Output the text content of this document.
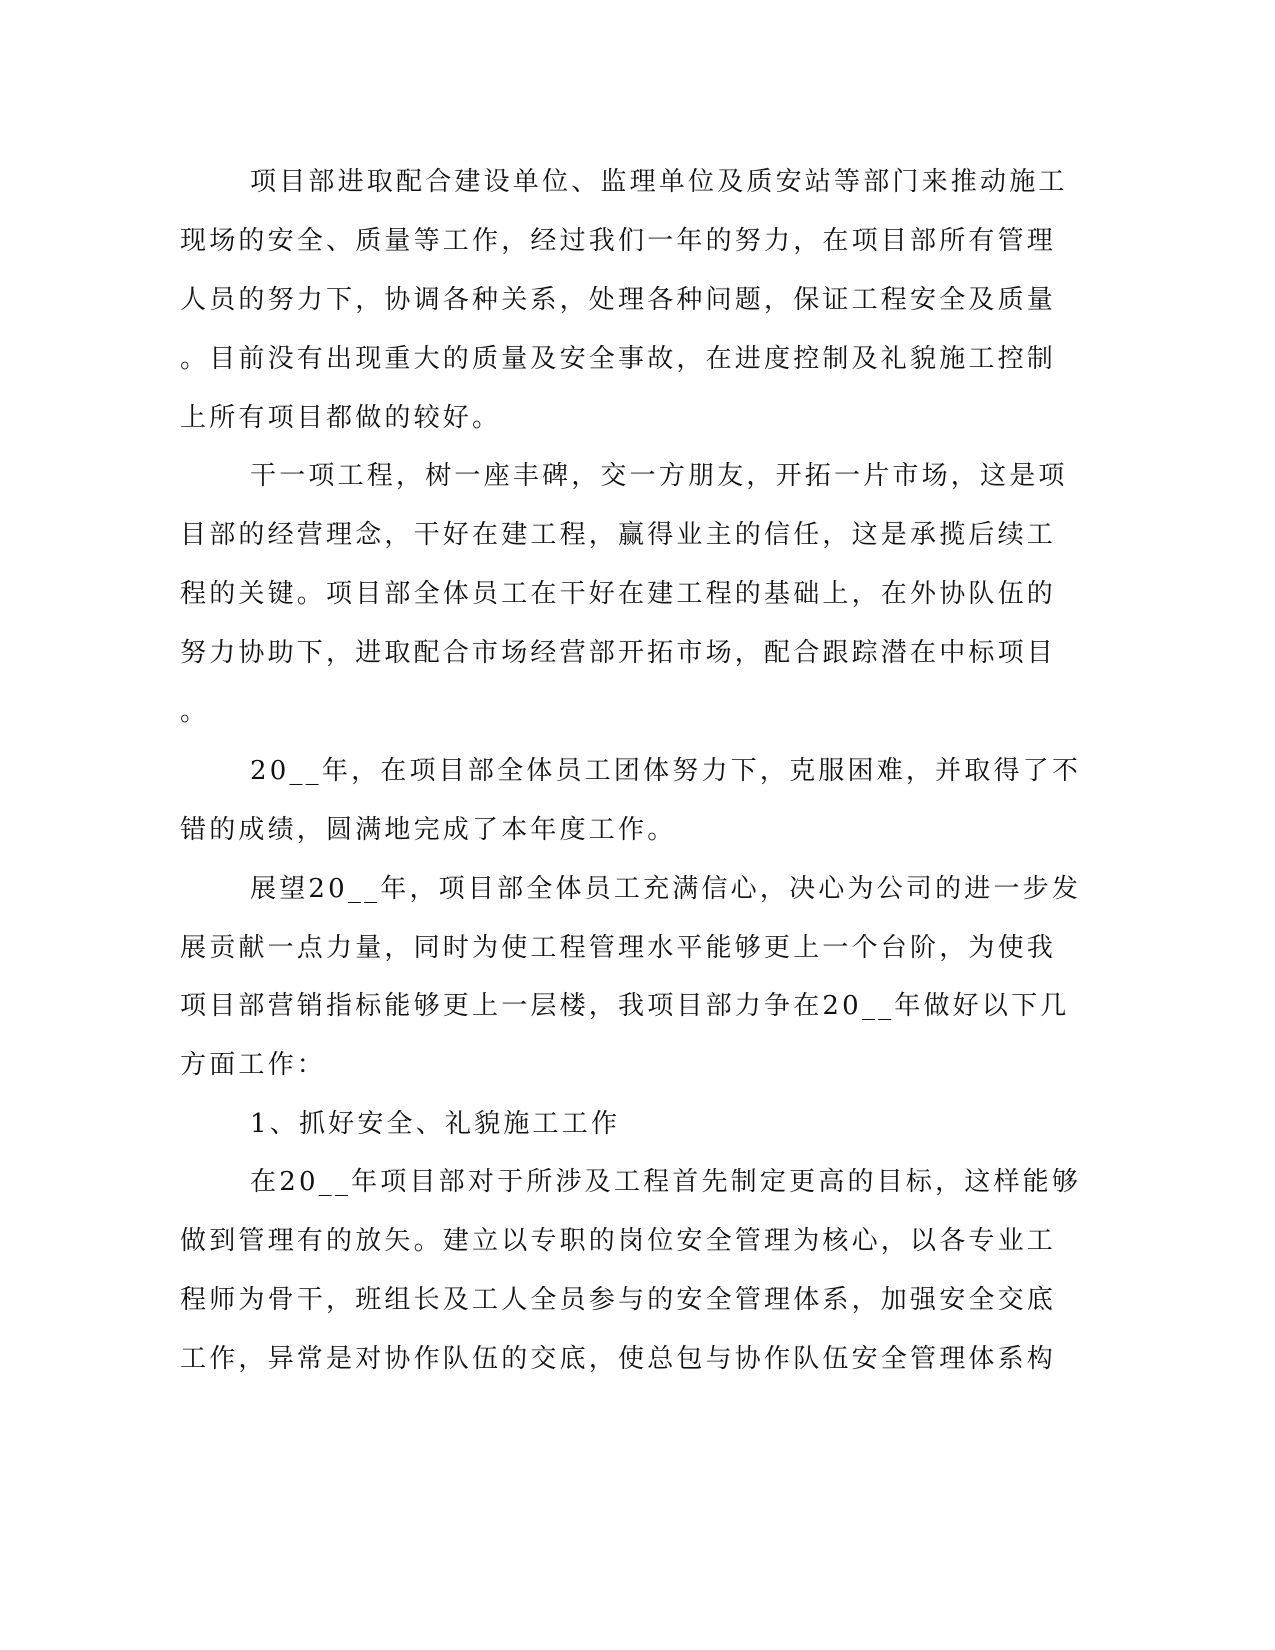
项目部进取配合建设单位、监理单位及质安站等部门来推动施工
现场的安全、质量等工作，经过我们一年的努力，在项目部所有管理
人员的努力下，协调各种关系，处理各种问题，保证工程安全及质量
。目前没有出现重大的质量及安全事故，在进度控制及礼貌施工控制
上所有项目都做的较好。
干一项工程，树一座丰碑，交一方朋友，开拓一片市场，这是项
目部的经营理念，干好在建工程，赢得业主的信任，这是承揽后续工
程的关键。项目部全体员工在干好在建工程的基础上，在外协队伍的
努力协助下，进取配合市场经营部开拓市场，配合跟踪潜在中标项目
。
20__年，在项目部全体员工团体努力下，克服困难，并取得了不
错的成绩，圆满地完成了本年度工作。
展望20__年，项目部全体员工充满信心，决心为公司的进一步发
展贡献一点力量，同时为使工程管理水平能够更上一个台阶，为使我
项目部营销指标能够更上一层楼，我项目部力争在20__年做好以下几
方面工作：
1、抓好安全、礼貌施工工作
在20__年项目部对于所涉及工程首先制定更高的目标，这样能够
做到管理有的放矢。建立以专职的岗位安全管理为核心，以各专业工
程师为骨干，班组长及工人全员参与的安全管理体系，加强安全交底
工作，异常是对协作队伍的交底，使总包与协作队伍安全管理体系构
